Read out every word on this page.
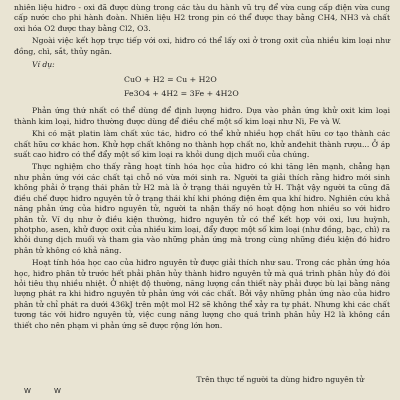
nhiên liệu hiđro - oxi đã được dùng trong các tàu du hành vũ trụ để vừa cung cấp điện vừa cung cấp nước cho phi hành đoàn. Nhiên liệu H2 trong pin có thể được thay bằng CH4, NH3 và chất oxi hóa O2 được thay bằng Cl2, O3.

Ngoài việc kết hợp trực tiếp với oxi, hiđro có thể lấy oxi ở trong oxit của nhiều kim loại như đồng, chì, sắt, thủy ngân.

Ví dụ:

CuO + H2 = Cu + H2O
Fe3O4 + 4H2 = 3Fe + 4H2O

Phản ứng thứ nhất có thể dùng để định lượng hiđro. Dựa vào phản ứng khử oxit kim loại thành kim loại, hiđro thường được dùng để điều chế một số kim loại như Ni, Fe và W.

Khi có mặt platin làm chất xúc tác, hiđro có thể khử nhiều hợp chất hữu cơ tạo thành các chất hữu cơ khác hơn. Khử hợp chất không no thành hợp chất no, khử anđehit thành rượu... Ở áp suất cao hiđro có thể đẩy một số kim loại ra khỏi dung dịch muối của chúng.

Thực nghiệm cho thấy rằng hoạt tính hóa học của hiđro có khi tăng lên mạnh, chẳng hạn như phản ứng với các chất tại chỗ nó vừa mới sinh ra. Người ta giải thích rằng hiđro mới sinh không phải ở trạng thái phân tử H2 mà là ở trạng thái nguyên tử H. Thật vậy người ta cũng đã điều chế được hiđro nguyên tử ở trạng thái khí khi phóng điện êm qua khí hiđro. Nghiên cứu khả năng phản ứng của hiđro nguyên tử, người ta nhận thấy nó hoạt động hơn nhiều so với hiđro phân tử. Ví dụ như ở điều kiện thường, hiđro nguyên tử có thể kết hợp với oxi, lưu huỳnh, photpho, asen, khử được oxit của nhiều kim loại, đẩy được một số kim loại (như đồng, bạc, chì) ra khỏi dung dịch muối và tham gia vào những phản ứng mà trong cùng những điều kiện đó hiđro phân tử không có khả năng.

Hoạt tính hóa học cao của hiđro nguyên tử được giải thích như sau. Trong các phản ứng hóa học, hiđro phân tử trước hết phải phân hủy thành hiđro nguyên tử mà quá trình phân hủy đó đòi hỏi tiêu thụ nhiều nhiệt. Ở nhiệt độ thường, năng lượng cần thiết này phải được bù lại bằng năng lượng phát ra khi hiđro nguyên tử phản ứng với các chất. Bởi vậy những phản ứng nào của hiđro phân tử chỉ phát ra dưới 436kJ trên một mol H2 sẽ không thể xảy ra tự phát. Nhưng khi các chất tương tác với hiđro nguyên tử, việc cung năng lượng cho quá trình phân hủy H2 là không cần thiết cho nên phạm vi phản ứng sẽ được rộng lớn hơn.

Trên thực tế người ta dùng hiđro nguyên tử
W	W
